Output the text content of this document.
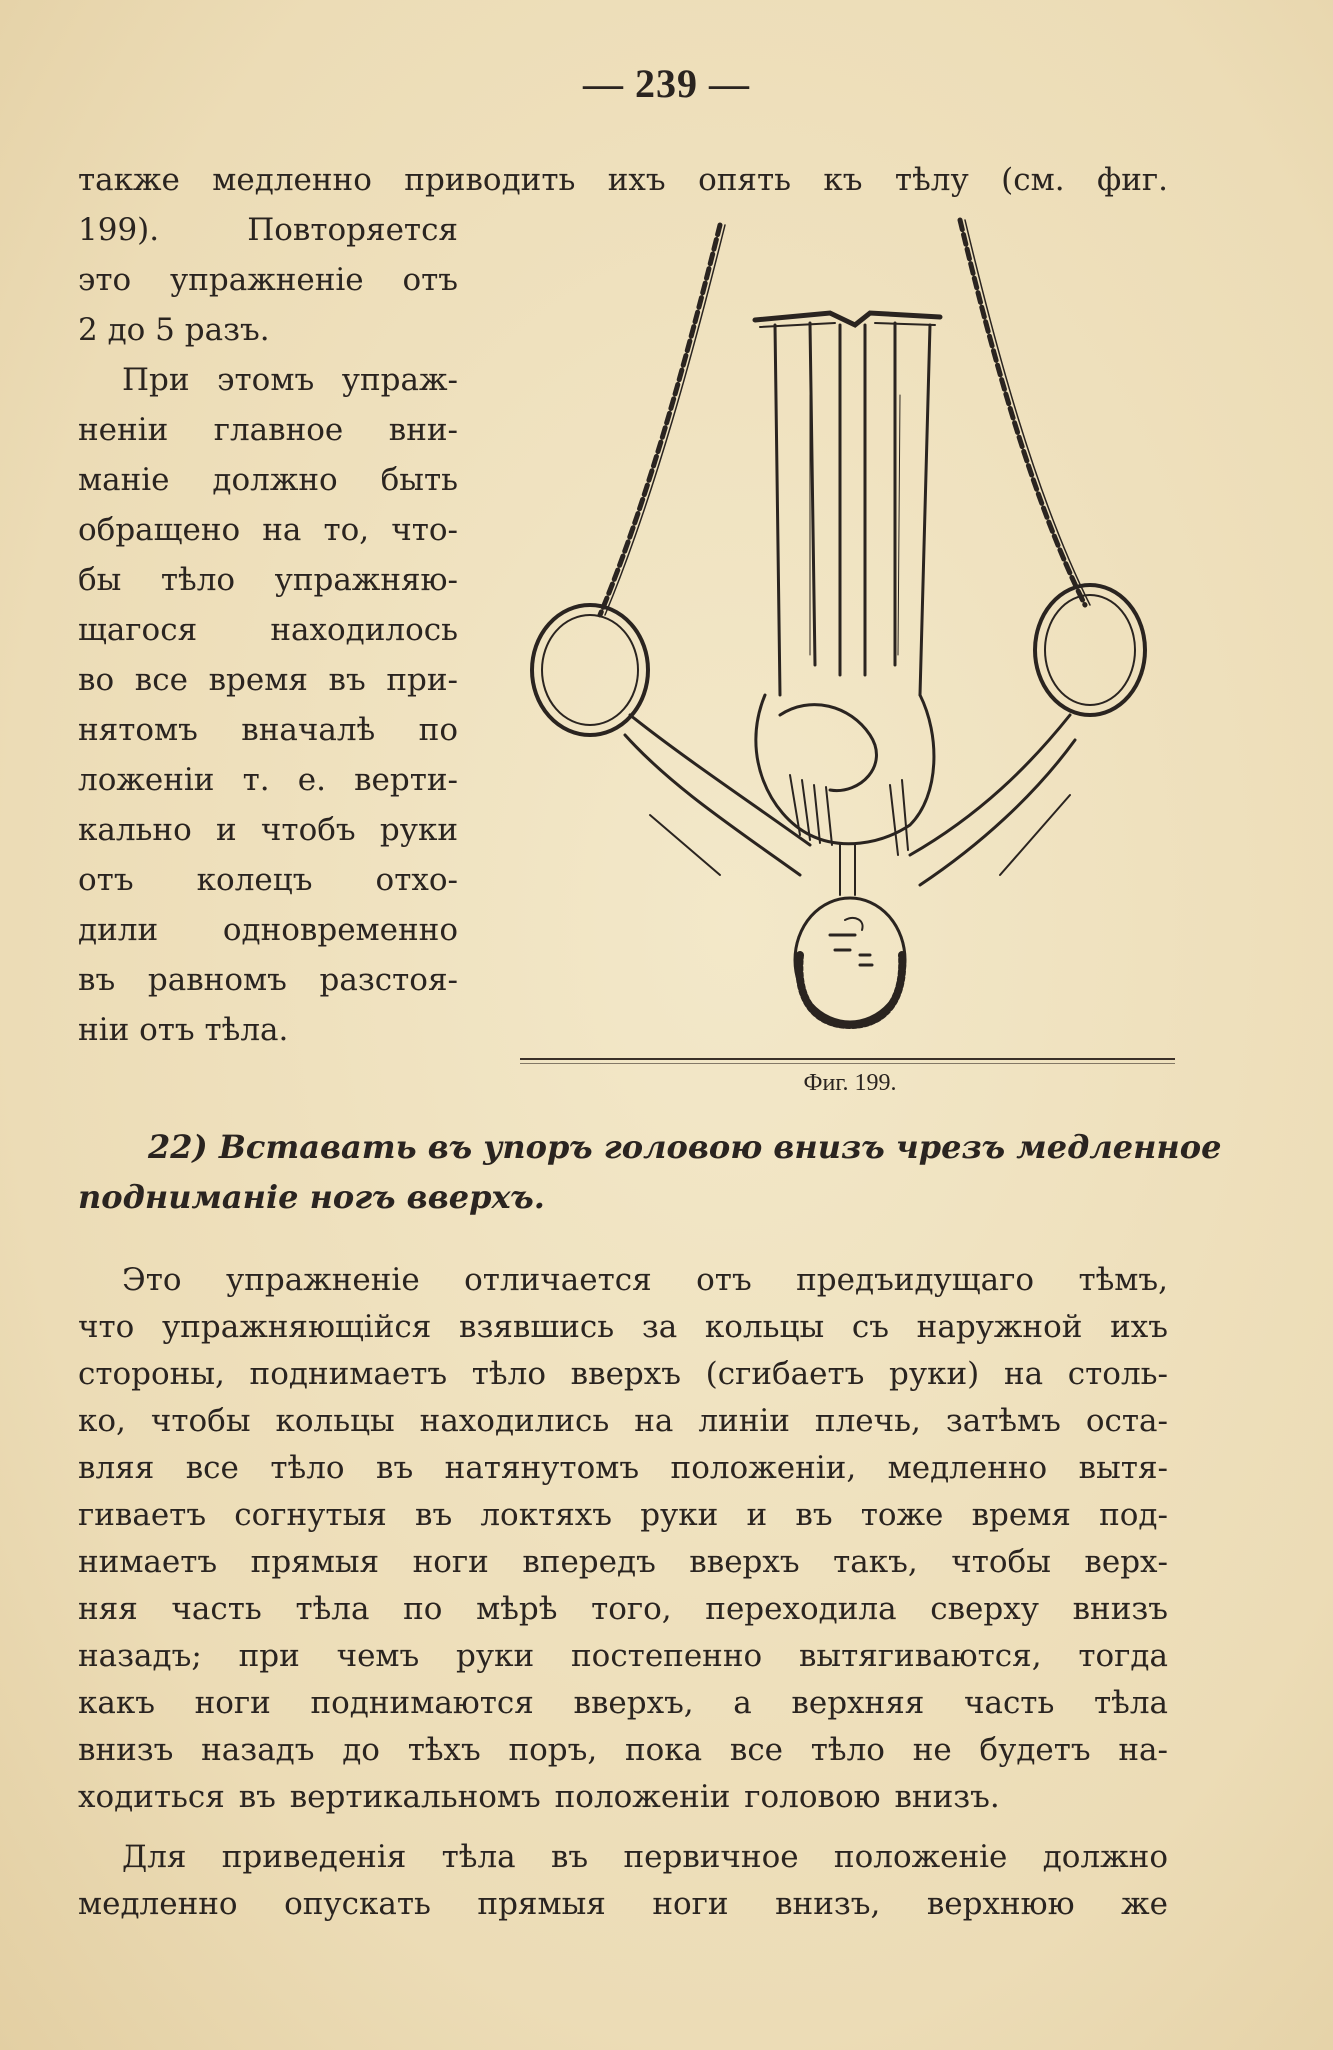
— 239 —
также медленно приводить ихъ опять къ тѣлу (см. фиг.
199). Повторяется
это упражненіе отъ
2 до 5 разъ.
При этомъ упраж-
неніи главное вни-
маніе должно быть
обращено на то, что-
бы тѣло упражняю-
щагося находилось
во все время въ при-
нятомъ вначалѣ по
ложеніи т. е. верти-
кально и чтобъ руки
отъ колецъ отхо-
дили одновременно
въ равномъ разстоя-
ніи отъ тѣла.
Фиг. 199.
22) Вставать въ упоръ головою внизъ чрезъ медленное
подниманіе ногъ вверхъ.
Это упражненіе отличается отъ предъидущаго тѣмъ,
что упражняющійся взявшись за кольцы съ наружной ихъ
стороны, поднимаетъ тѣло вверхъ (сгибаетъ руки) на столь-
ко, чтобы кольцы находились на линіи плечь, затѣмъ оста-
вляя все тѣло въ натянутомъ положеніи, медленно вытя-
гиваетъ согнутыя въ локтяхъ руки и въ тоже время под-
нимаетъ прямыя ноги впередъ вверхъ такъ, чтобы верх-
няя часть тѣла по мѣрѣ того, переходила сверху внизъ
назадъ; при чемъ руки постепенно вытягиваются, тогда
какъ ноги поднимаются вверхъ, а верхняя часть тѣла
внизъ назадъ до тѣхъ поръ, пока все тѣло не будетъ на-
ходиться въ вертикальномъ положеніи головою внизъ.
Для приведенія тѣла въ первичное положеніе должно
медленно опускать прямыя ноги внизъ, верхнюю же
